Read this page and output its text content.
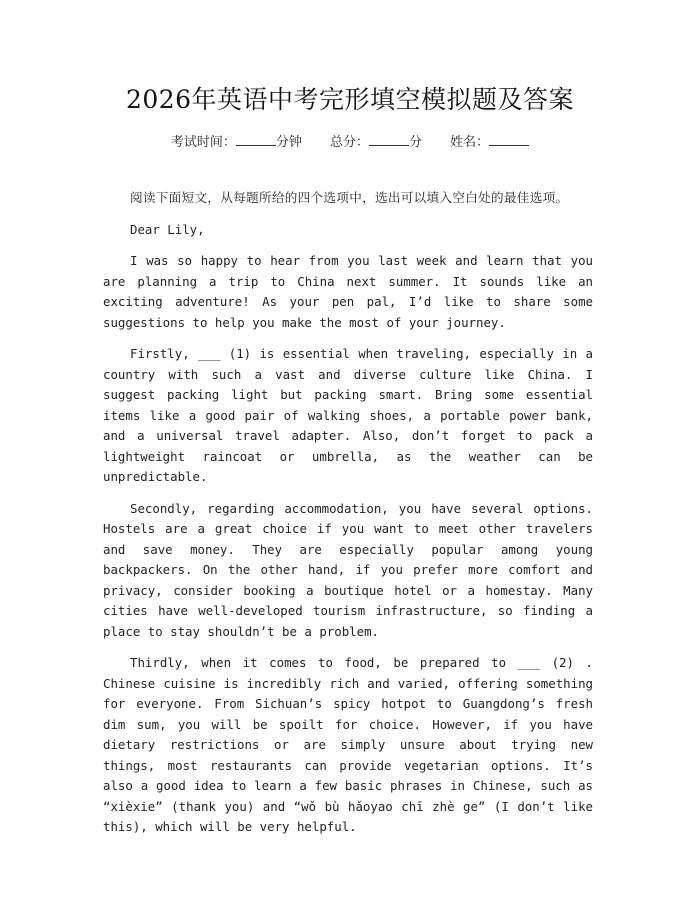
2026年英语中考完形填空模拟题及答案
考试时间：	分钟 总分：	分 姓名：

阅读下面短文，从每题所给的四个选项中，选出可以填入空白处的最佳选项。

Dear Lily,

I was so happy to hear from you last week and learn that you are planning a trip to China next summer. It sounds like an exciting adventure! As your pen pal, I’d like to share some suggestions to help you make the most of your journey.

Firstly, ___ (1) is essential when traveling, especially in a country with such a vast and diverse culture like China. I suggest packing light but packing smart. Bring some essential items like a good pair of walking shoes, a portable power bank, and a universal travel adapter. Also, don’t forget to pack a lightweight raincoat or umbrella, as the weather can be unpredictable.

Secondly, regarding accommodation, you have several options. Hostels are a great choice if you want to meet other travelers and save money. They are especially popular among young backpackers. On the other hand, if you prefer more comfort and privacy, consider booking a boutique hotel or a homestay. Many cities have well-developed tourism infrastructure, so finding a place to stay shouldn’t be a problem.

Thirdly, when it comes to food, be prepared to ___ (2) . Chinese cuisine is incredibly rich and varied, offering something for everyone. From Sichuan’s spicy hotpot to Guangdong’s fresh dim sum, you will be spoilt for choice. However, if you have dietary restrictions or are simply unsure about trying new things, most restaurants can provide vegetarian options. It’s also a good idea to learn a few basic phrases in Chinese, such as “xièxie” (thank you) and “wǒ bù hǎoyao chī zhè ge” (I don’t like this), which will be very helpful.
